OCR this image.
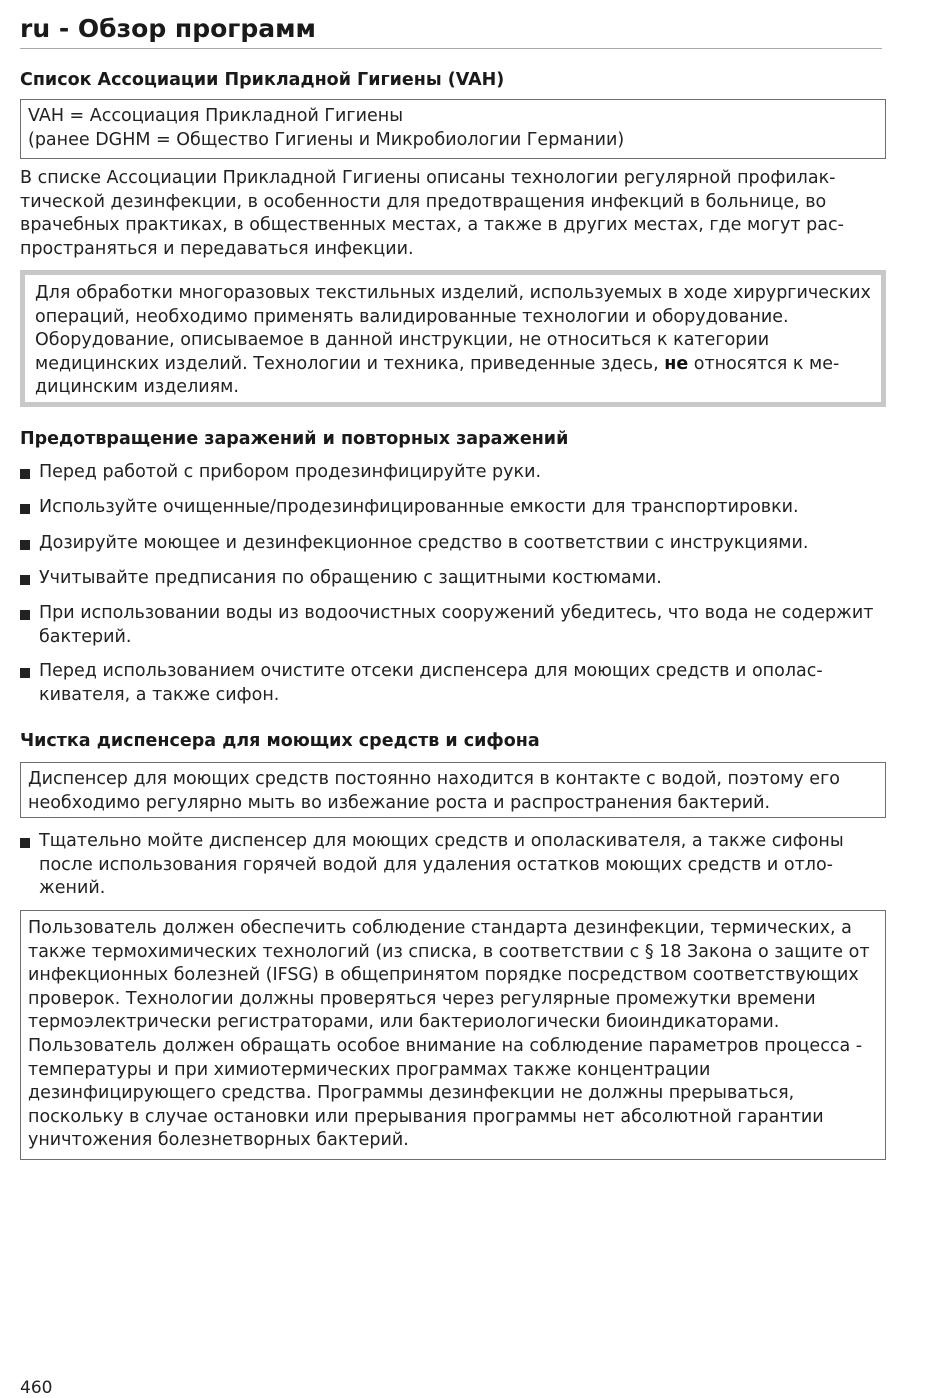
ru - Обзор программ
Список Ассоциации Прикладной Гигиены (VAH)

VAH = Ассоциация Прикладной Гигиены

(ранее DGHM = Общество Гигиены и Микробиологии Германии)

В списке Ассоциации Прикладной Гигиены описаны технологии регулярной профилактической дезинфекции, в особенности для предотвращения инфекций в больнице, во врачебных практиках, в общественных местах, а также в других местах, где могут распространяться и передаваться инфекции.

Для обработки многоразовых текстильных изделий, используемых в ходе хирургических операций, необходимо применять валидированные технологии и оборудование. Оборудование, описываемое в данной инструкции, не относиться к категории медицинских изделий. Технологии и техника, приведенные здесь, не относятся к медицинским изделиям.
Предотвращение заражений и повторных заражений
Перед работой с прибором продезинфицируйте руки.
Используйте очищенные/продезинфицированные емкости для транспортировки.
Дозируйте моющее и дезинфекционное средство в соответствии с инструкциями.
Учитывайте предписания по обращению с защитными костюмами.
При использовании воды из водоочистных сооружений убедитесь, что вода не содержит бактерий.
Перед использованием очистите отсеки диспенсера для моющих средств и ополаскивателя, а также сифон.
Чистка диспенсера для моющих средств и сифона

Диспенсер для моющих средств постоянно находится в контакте с водой, поэтому его необходимо регулярно мыть во избежание роста и распространения бактерий.

Тщательно мойте диспенсер для моющих средств и ополаскивателя, а также сифоны после использования горячей водой для удаления остатков моющих средств и отложений.

Пользователь должен обеспечить соблюдение стандарта дезинфекции, термических, а также термохимических технологий (из списка, в соответствии с § 18 Закона о защите от инфекционных болезней (IFSG) в общепринятом порядке посредством соответствующих проверок. Технологии должны проверяться через регулярные промежутки времени термоэлектрически регистраторами, или бактериологически биоиндикаторами. Пользователь должен обращать особое внимание на соблюдение параметров процесса - температуры и при химиотермических программах также концентрации дезинфицирующего средства. Программы дезинфекции не должны прерываться, поскольку в случае остановки или прерывания программы нет абсолютной гарантии уничтожения болезнетворных бактерий.

460
